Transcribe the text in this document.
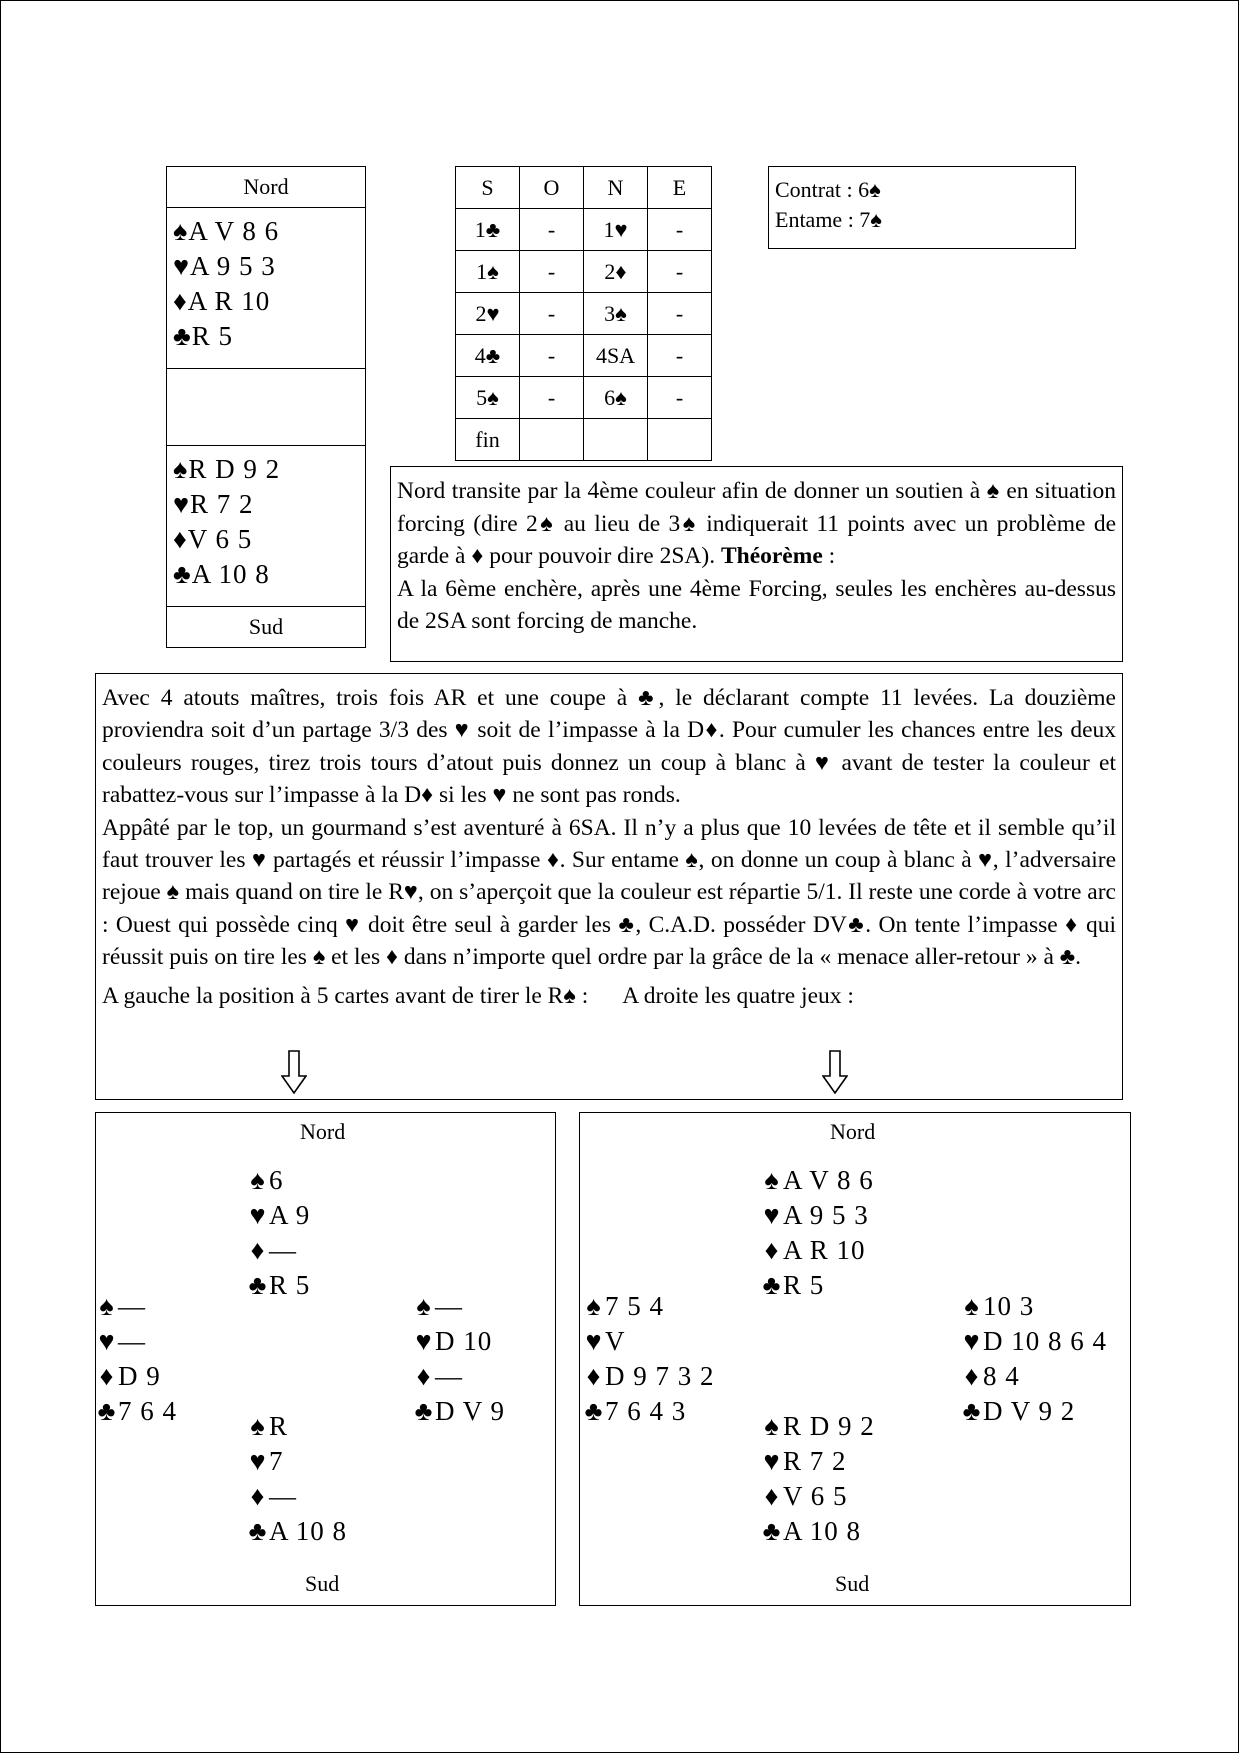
Nord

♠A V 8 6
♥A 9 5 3
♦A R 10
♣R 5

♠R D 9 2
♥R 7 2
♦V 6 5
♣A 10 8

Sud
S	O	N	E
1♣	-	1♥	-
1♠	-	2♦	-
2♥	-	3♠	-
4♣	-	4SA	-
5♠	-	6♠	-
fin			
Contrat : 6♠
Entame : 7♠
Nord transite par la 4ème couleur afin de donner un soutien à ♠ en situation forcing (dire 2♠ au lieu de 3♠ indiquerait 11 points avec un problème de garde à ♦ pour pouvoir dire 2SA). Théorème :
A la 6ème enchère, après une 4ème Forcing, seules les enchères au-dessus de 2SA sont forcing de manche.

Avec 4 atouts maîtres, trois fois AR et une coupe à ♣, le déclarant compte 11 levées. La douzième proviendra soit d’un partage 3/3 des ♥ soit de l’impasse à la D♦. Pour cumuler les chances entre les deux couleurs rouges, tirez trois tours d’atout puis donnez un coup à blanc à ♥ avant de tester la couleur et rabattez-vous sur l’impasse à la D♦ si les ♥ ne sont pas ronds.

Appâté par le top, un gourmand s’est aventuré à 6SA. Il n’y a plus que 10 levées de tête et il semble qu’il faut trouver les ♥ partagés et réussir l’impasse ♦. Sur entame ♠, on donne un coup à blanc à ♥, l’adversaire rejoue ♠ mais quand on tire le R♥, on s’aperçoit que la couleur est répartie 5/1. Il reste une corde à votre arc : Ouest qui possède cinq ♥ doit être seul à garder les ♣, C.A.D. posséder DV♣. On tente l’impasse ♦ qui réussit puis on tire les ♠ et les ♦ dans n’importe quel ordre par la grâce de la « menace aller-retour » à ♣.

A gauche la position à 5 cartes avant de tirer le R♠ : A droite les quatre jeux :
Nord
♠ 6
♥A 9
♦ —
♣R 5
♠ —
♥—
♦ D 9
♣7 6 4
♠ —
♥D 10
♦ —
♣D V 9
♠ R
♥7
♦ —
♣A 10 8
Sud
Nord
♠ A V 8 6
♥A 9 5 3
♦ A R 10
♣R 5
♠ 7 5 4
♥V
♦ D 9 7 3 2
♣7 6 4 3
♠ 10 3
♥D 10 8 6 4
♦ 8 4
♣D V 9 2
♠ R D 9 2
♥R 7 2
♦ V 6 5
♣A 10 8
Sud
